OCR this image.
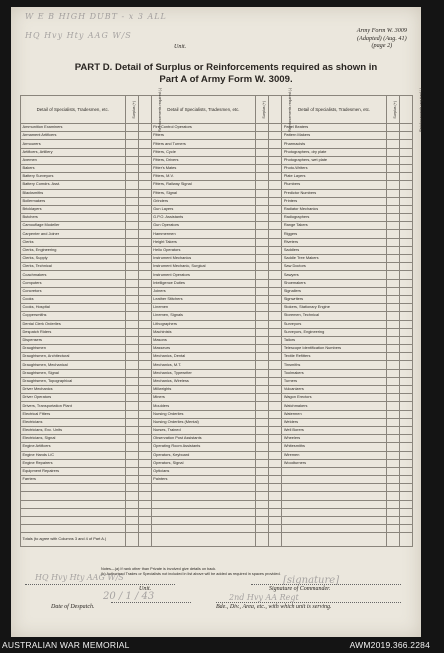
W E B HIGH DUBT - x 3 ALL
HQ Hvy Hty AAG W/S
Unit.
Army Form W. 3009
(Adapted) (Aug. 41)
(page 2)
PART D. Detail of Surplus or Reinforcements required as shown in
Part A of Army Form W. 3009.
Detail of Specialists, Tradesmen, etc.	Surplus (+)	Reinforcements required (-)	Detail of Specialists, Tradesmen, etc.	Surplus (+)	Reinforcements required (-)	Detail of Specialists, Tradesmen, etc.	Surplus (+)	Reinforcements required (-)
Ammunition Examiners			Fire Control Operators			Panel Beaters		
Armament Artificers			Fitters			Pattern Makers		
Armourers			Fitters and Turners			Pharmacists		
Artificers, Artillery			Fitters, Cycle			Photographers, dry plate		
Axemen			Fitters, Drivers			Photographers, wet plate		
Bakers			Fitter's Mates			Photo-Writers		
Battery Surveyors			Fitters, M.V.			Plate Layers		
Battery Comdrs. Asst.			Fitters, Railway Signal			Plumbers		
Blacksmiths			Fitters, Signal			Predictor Numbers		
Boilermakers			Grinders			Printers		
Bricklayers			Gun Layers			Radiator Mechanics		
Butchers			G.P.O. Assistants			Radiographers		
Camouflage Modeller			Gun Operators			Range Takers		
Carpenter and Joiner			Hammermen			Riggers		
Clerks			Height Takers			Riveters		
Clerks, Engineering			Helio Operators			Saddlers		
Clerks, Supply			Instrument Mechanics			Saddle Tree Makers		
Clerks, Technical			Instrument Mechanic, Surgical			Saw Doctors		
Coachmakers			Instrument Operators			Sawyers		
Computers			Intelligence Duties			Shoemakers		
Concretors			Joiners			Signallers		
Cooks			Leather Stitchers			Signwriters		
Cooks, Hospital			Linemen			Stokers, Stationary Engine		
Coppersmiths			Linemen, Signals			Storemen, Technical		
Dental Clerk Orderlies			Lithographers			Surveyors		
Despatch Riders			Machinists			Surveyors, Engineering		
Dispensers			Masons			Tailors		
Draughtsmen			Masseurs			Telescope Identification Numbers		
Draughtsmen, Architectural			Mechanics, Dental			Textile Refitters		
Draughtsmen, Mechanical			Mechanics, M.T.			Tinsmiths		
Draughtsmen, Signal			Mechanics, Typewriter			Toolmakers		
Draughtsmen, Topographical			Mechanics, Wireless			Turners		
Driver Mechanics			Millwrights			Vulcanizers		
Driver Operators			Miners			Wagon Erectors		
Drivers, Transportation Plant			Moulders			Watchmakers		
Electrical Fitters			Nursing Orderlies			Watermen		
Electricians			Nursing Orderlies (Mental)			Welders		
Electricians, Exc. Units			Nurses, Trained			Well Borers		
Electricians, Signal			Observation Post Assistants			Wheelers		
Engine Artificers			Operating Room Assistants			Whitesmiths		
Engine Hands L/C			Operators, Keyboard			Wiremen		
Engine Repairers			Operators, Signal			Woodturners		
Equipment Repairers			Opticians					
Farriers			Painters					

Totals (to agree with Columns 3 and 4 of Part A.)								
Notes—(a) If rank other than Private is involved give details on back.
(b) Authorised Trades or Specialists not included in list above will be added as required in spaces provided.
HQ Hvy Hty AAG W/S	[signature]
20 / 1 / 43	2nd Hvy AA Regt
Unit.	Signature of Commander.
Date of Despatch.	Bde., Div., Area, etc., with which unit is serving.
AUSTRALIAN WAR MEMORIAL	AWM2019.366.2284
